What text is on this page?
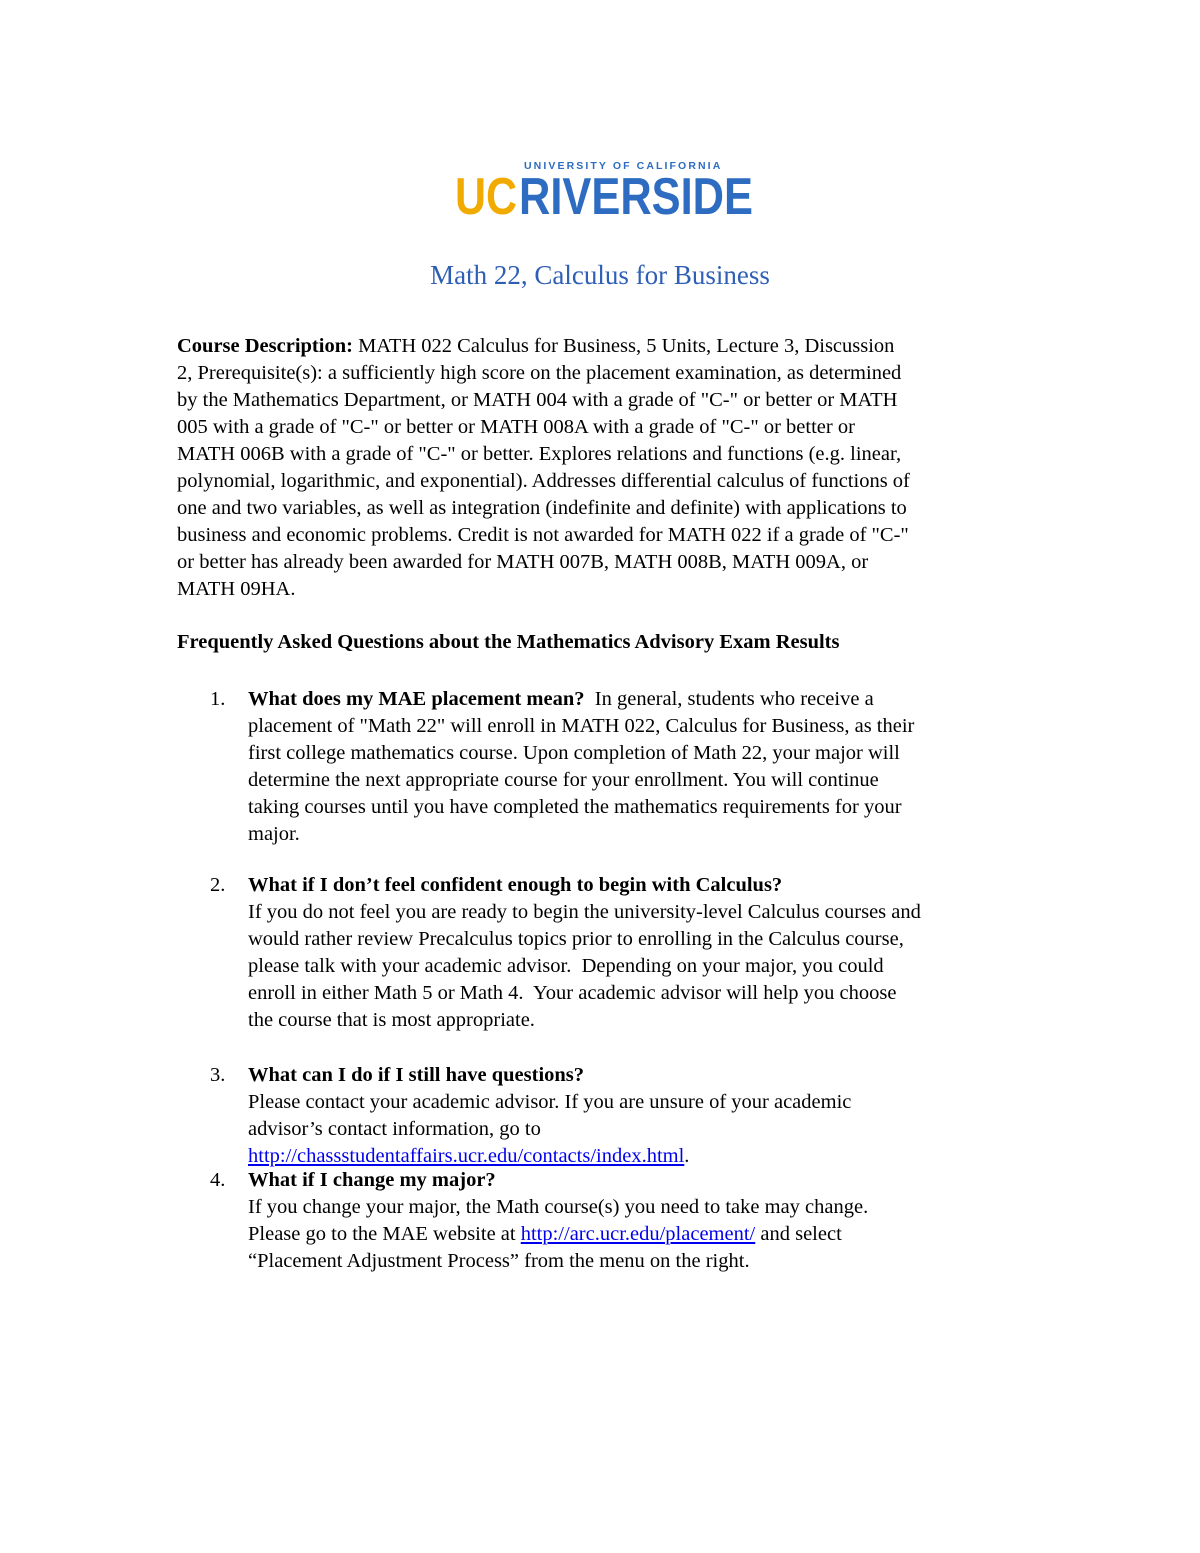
UNIVERSITY OF CALIFORNIA
UC RIVERSIDE
Math 22, Calculus for Business
Course Description: MATH 022 Calculus for Business, 5 Units, Lecture 3, Discussion
2, Prerequisite(s): a sufficiently high score on the placement examination, as determined
by the Mathematics Department, or MATH 004 with a grade of "C-" or better or MATH
005 with a grade of "C-" or better or MATH 008A with a grade of "C-" or better or
MATH 006B with a grade of "C-" or better. Explores relations and functions (e.g. linear,
polynomial, logarithmic, and exponential). Addresses differential calculus of functions of
one and two variables, as well as integration (indefinite and definite) with applications to
business and economic problems. Credit is not awarded for MATH 022 if a grade of "C-"
or better has already been awarded for MATH 007B, MATH 008B, MATH 009A, or
MATH 09HA.
Frequently Asked Questions about the Mathematics Advisory Exam Results
1.	What does my MAE placement mean?  In general, students who receive a
placement of "Math 22" will enroll in MATH 022, Calculus for Business, as their
first college mathematics course. Upon completion of Math 22, your major will
determine the next appropriate course for your enrollment. You will continue
taking courses until you have completed the mathematics requirements for your
major.
2.	What if I don’t feel confident enough to begin with Calculus?
If you do not feel you are ready to begin the university-level Calculus courses and
would rather review Precalculus topics prior to enrolling in the Calculus course,
please talk with your academic advisor.  Depending on your major, you could
enroll in either Math 5 or Math 4.  Your academic advisor will help you choose
the course that is most appropriate.
3.	What can I do if I still have questions?
Please contact your academic advisor. If you are unsure of your academic
advisor’s contact information, go to
http://chassstudentaffairs.ucr.edu/contacts/index.html.
4.	What if I change my major?
If you change your major, the Math course(s) you need to take may change.
Please go to the MAE website at http://arc.ucr.edu/placement/ and select
“Placement Adjustment Process” from the menu on the right.
